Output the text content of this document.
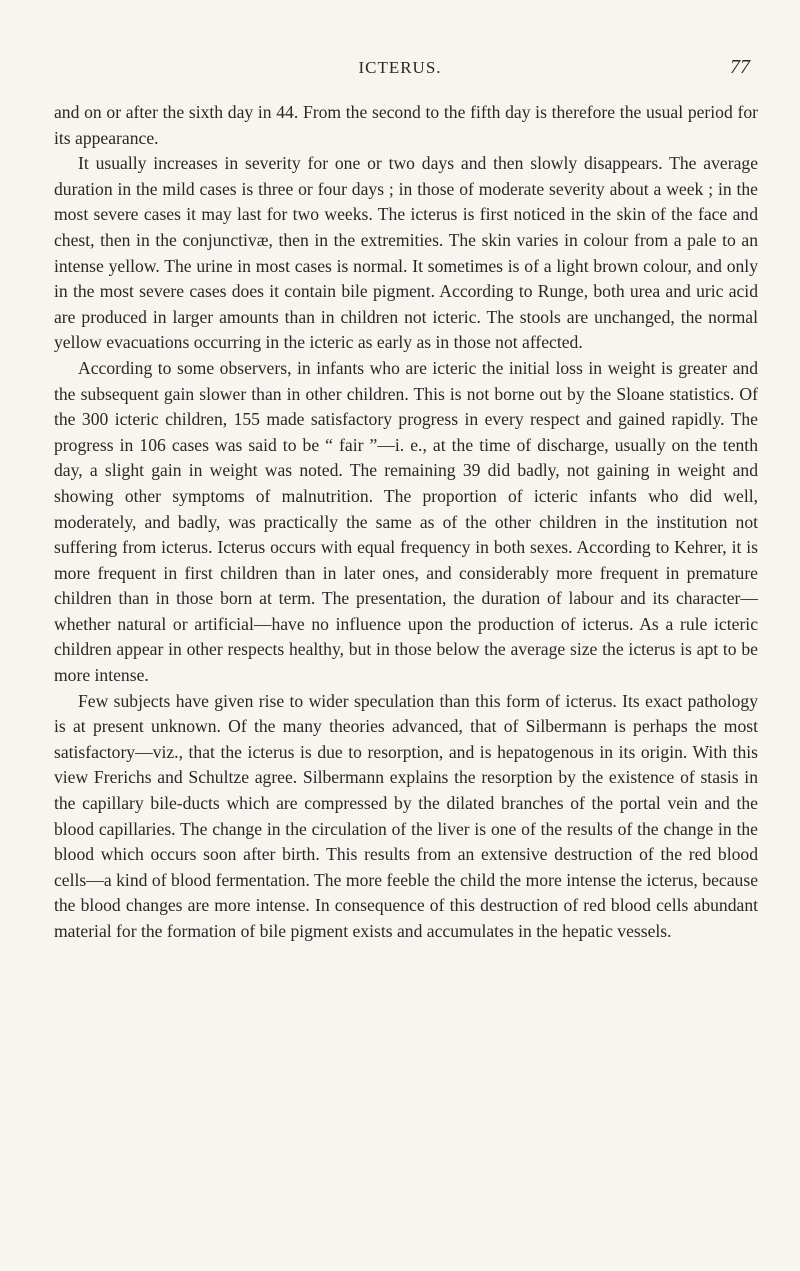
ICTERUS.	77

and on or after the sixth day in 44. From the second to the fifth day is therefore the usual period for its appearance.

It usually increases in severity for one or two days and then slowly disappears. The average duration in the mild cases is three or four days ; in those of moderate severity about a week ; in the most severe cases it may last for two weeks. The icterus is first noticed in the skin of the face and chest, then in the conjunctivæ, then in the extremities. The skin varies in colour from a pale to an intense yellow. The urine in most cases is normal. It sometimes is of a light brown colour, and only in the most severe cases does it contain bile pigment. According to Runge, both urea and uric acid are produced in larger amounts than in children not icteric. The stools are unchanged, the normal yellow evacuations occurring in the icteric as early as in those not affected.

According to some observers, in infants who are icteric the initial loss in weight is greater and the subsequent gain slower than in other children. This is not borne out by the Sloane statistics. Of the 300 icteric children, 155 made satisfactory progress in every respect and gained rapidly. The progress in 106 cases was said to be “ fair ”—i. e., at the time of discharge, usually on the tenth day, a slight gain in weight was noted. The remaining 39 did badly, not gaining in weight and showing other symptoms of malnutrition. The proportion of icteric infants who did well, moderately, and badly, was practically the same as of the other children in the institution not suffering from icterus. Icterus occurs with equal frequency in both sexes. According to Kehrer, it is more frequent in first children than in later ones, and considerably more frequent in premature children than in those born at term. The presentation, the duration of labour and its character—whether natural or artificial—have no influence upon the production of icterus. As a rule icteric children appear in other respects healthy, but in those below the average size the icterus is apt to be more intense.

Few subjects have given rise to wider speculation than this form of icterus. Its exact pathology is at present unknown. Of the many theories advanced, that of Silbermann is perhaps the most satisfactory—viz., that the icterus is due to resorption, and is hepatogenous in its origin. With this view Frerichs and Schultze agree. Silbermann explains the resorption by the existence of stasis in the capillary bile-ducts which are compressed by the dilated branches of the portal vein and the blood capillaries. The change in the circulation of the liver is one of the results of the change in the blood which occurs soon after birth. This results from an extensive destruction of the red blood cells—a kind of blood fermentation. The more feeble the child the more intense the icterus, because the blood changes are more intense. In consequence of this destruction of red blood cells abundant material for the formation of bile pigment exists and accumulates in the hepatic vessels.
